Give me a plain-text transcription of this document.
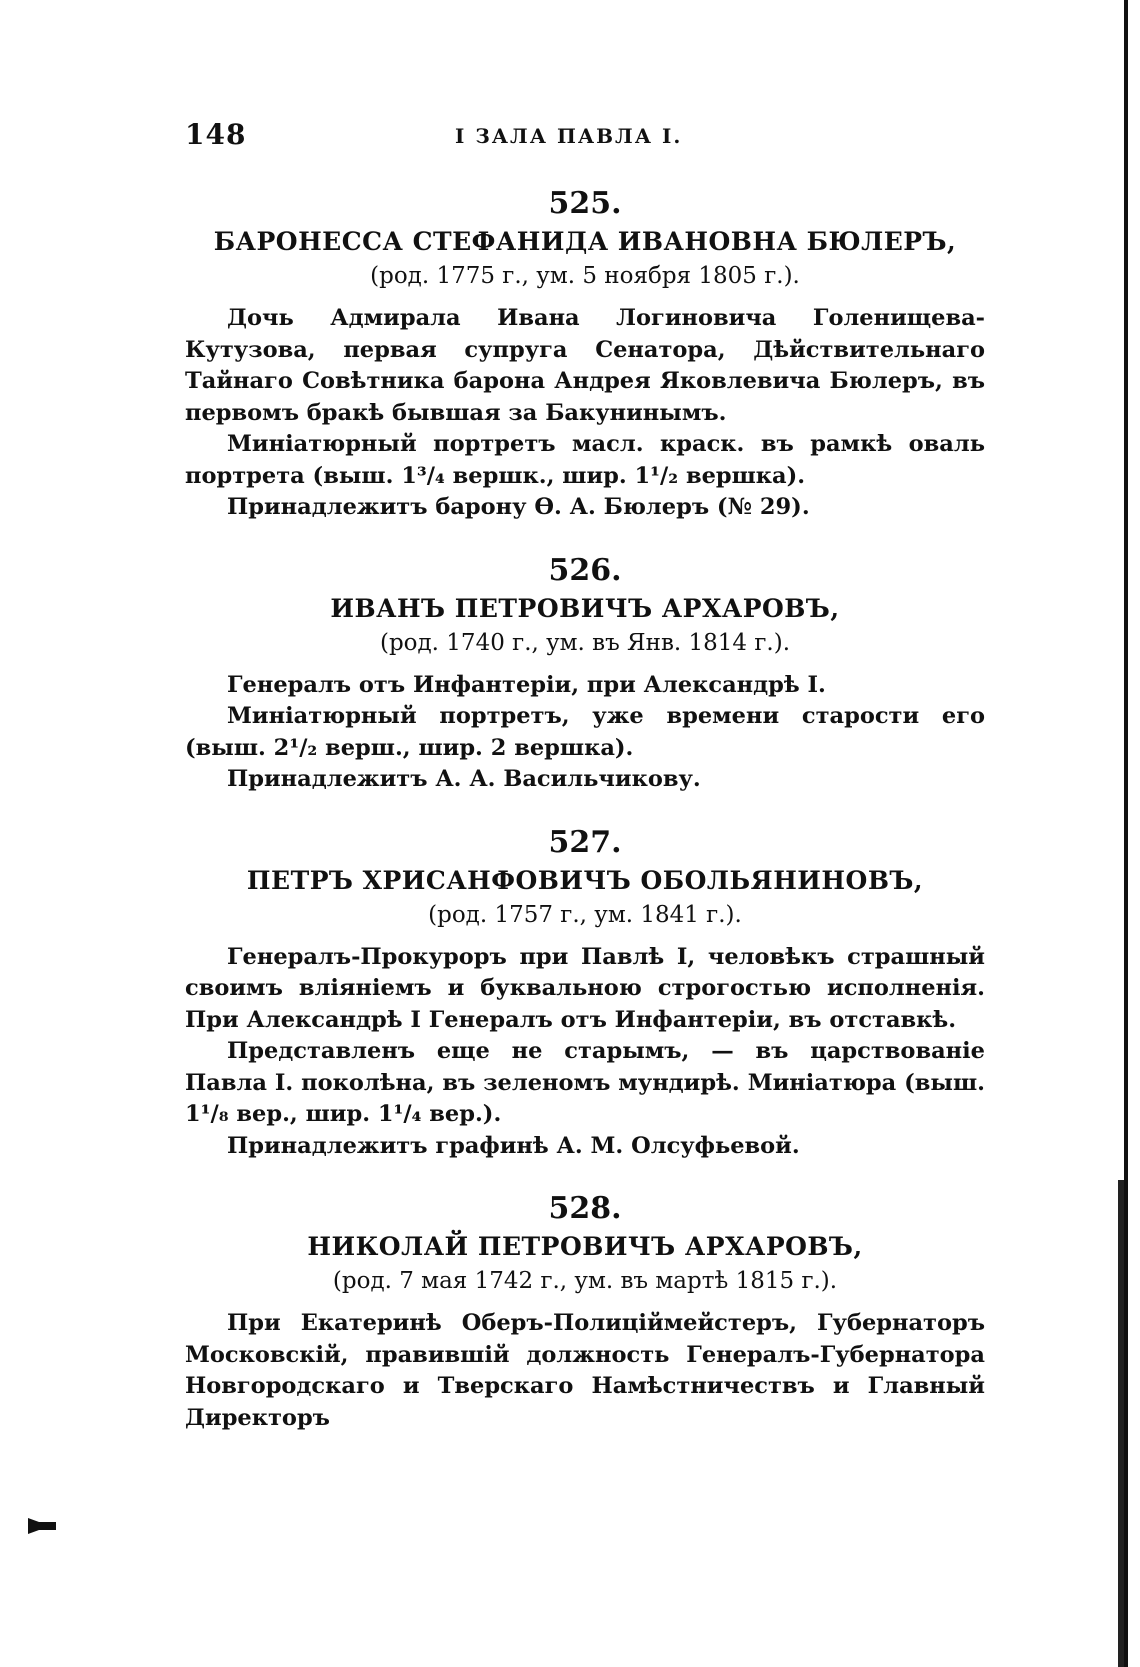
148	I ЗАЛА ПАВЛА I.
525.
БАРОНЕССА СТЕФАНИДА ИВАНОВНА БЮЛЕРЪ,
(род. 1775 г., ум. 5 ноября 1805 г.).

Дочь Адмирала Ивана Логиновича Голенищева-Кутузова, первая супруга Сенатора, Дѣйствительнаго Тайнаго Совѣтника барона Андрея Яковлевича Бюлеръ, въ первомъ бракѣ бывшая за Бакунинымъ.

Миніатюрный портретъ масл. краск. въ рамкѣ оваль портрета (выш. 1³/₄ вершк., шир. 1¹/₂ вершка).

Принадлежитъ барону Ѳ. А. Бюлеръ (№ 29).

526.
ИВАНЪ ПЕТРОВИЧЪ АРХАРОВЪ,
(род. 1740 г., ум. въ Янв. 1814 г.).

Генералъ отъ Инфантеріи, при Александрѣ I.

Миніатюрный портретъ, уже времени старости его (выш. 2¹/₂ верш., шир. 2 вершка).

Принадлежитъ А. А. Васильчикову.

527.
ПЕТРЪ ХРИСАНФОВИЧЪ ОБОЛЬЯНИНОВЪ,
(род. 1757 г., ум. 1841 г.).

Генералъ-Прокуроръ при Павлѣ I, человѣкъ страшный своимъ вліяніемъ и буквальною строгостью исполненія. При Александрѣ I Генералъ отъ Инфантеріи, въ отставкѣ.

Представленъ еще не старымъ, — въ царствованіе Павла I. поколѣна, въ зеленомъ мундирѣ. Миніатюра (выш. 1¹/₈ вер., шир. 1¹/₄ вер.).

Принадлежитъ графинѣ А. М. Олсуфьевой.

528.
НИКОЛАЙ ПЕТРОВИЧЪ АРХАРОВЪ,
(род. 7 мая 1742 г., ум. въ мартѣ 1815 г.).

При Екатеринѣ Оберъ-Полицiймейстеръ, Губернаторъ Московскiй, правившiй должность Генералъ-Губернатора Новгородскаго и Тверскаго Намѣстничествъ и Главный Директоръ
